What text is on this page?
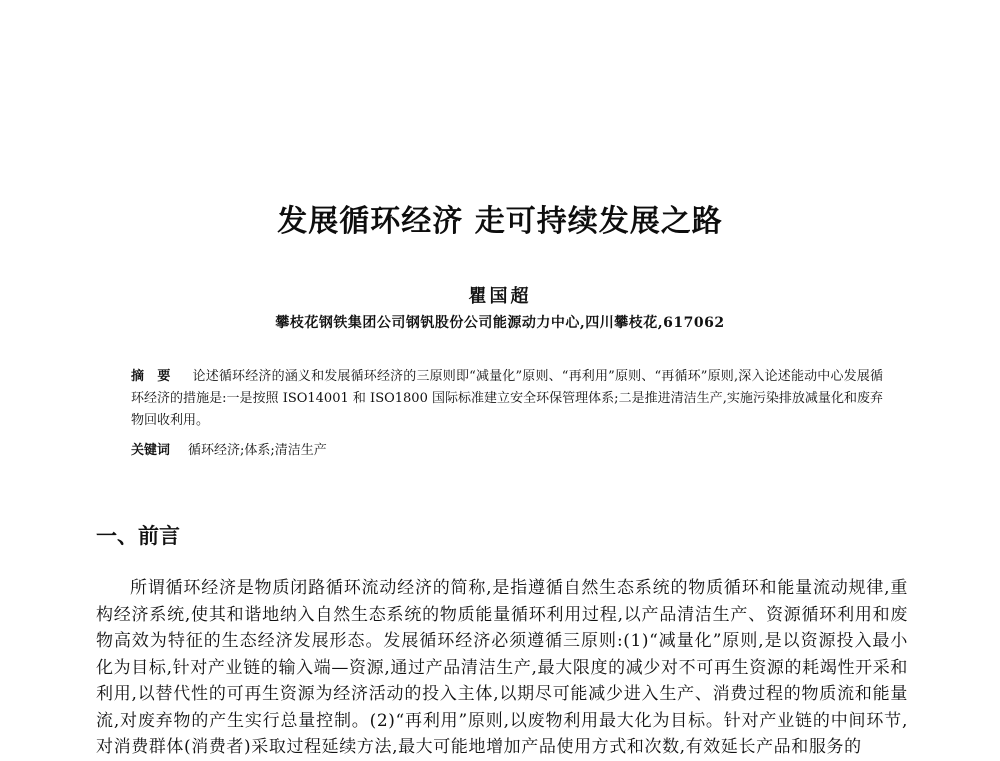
发展循环经济 走可持续发展之路
瞿国超
攀枝花钢铁集团公司钢钒股份公司能源动力中心,四川攀枝花,617062
摘　要 论述循环经济的涵义和发展循环经济的三原则即“减量化”原则、“再利用”原则、“再循环”原则,深入论述能动中心发展循环经济的措施是:一是按照 ISO14001 和 ISO1800 国际标准建立安全环保管理体系;二是推进清洁生产,实施污染排放减量化和废弃物回收利用。
关键词 循环经济;体系;清洁生产
一、前言
所谓循环经济是物质闭路循环流动经济的简称,是指遵循自然生态系统的物质循环和能量流动规律,重构经济系统,使其和谐地纳入自然生态系统的物质能量循环利用过程,以产品清洁生产、资源循环利用和废物高效为特征的生态经济发展形态。发展循环经济必须遵循三原则:(1)“减量化”原则,是以资源投入最小化为目标,针对产业链的输入端—资源,通过产品清洁生产,最大限度的减少对不可再生资源的耗竭性开采和利用,以替代性的可再生资源为经济活动的投入主体,以期尽可能减少进入生产、消费过程的物质流和能量流,对废弃物的产生实行总量控制。(2)“再利用”原则,以废物利用最大化为目标。针对产业链的中间环节,对消费群体(消费者)采取过程延续方法,最大可能地增加产品使用方式和次数,有效延长产品和服务的
